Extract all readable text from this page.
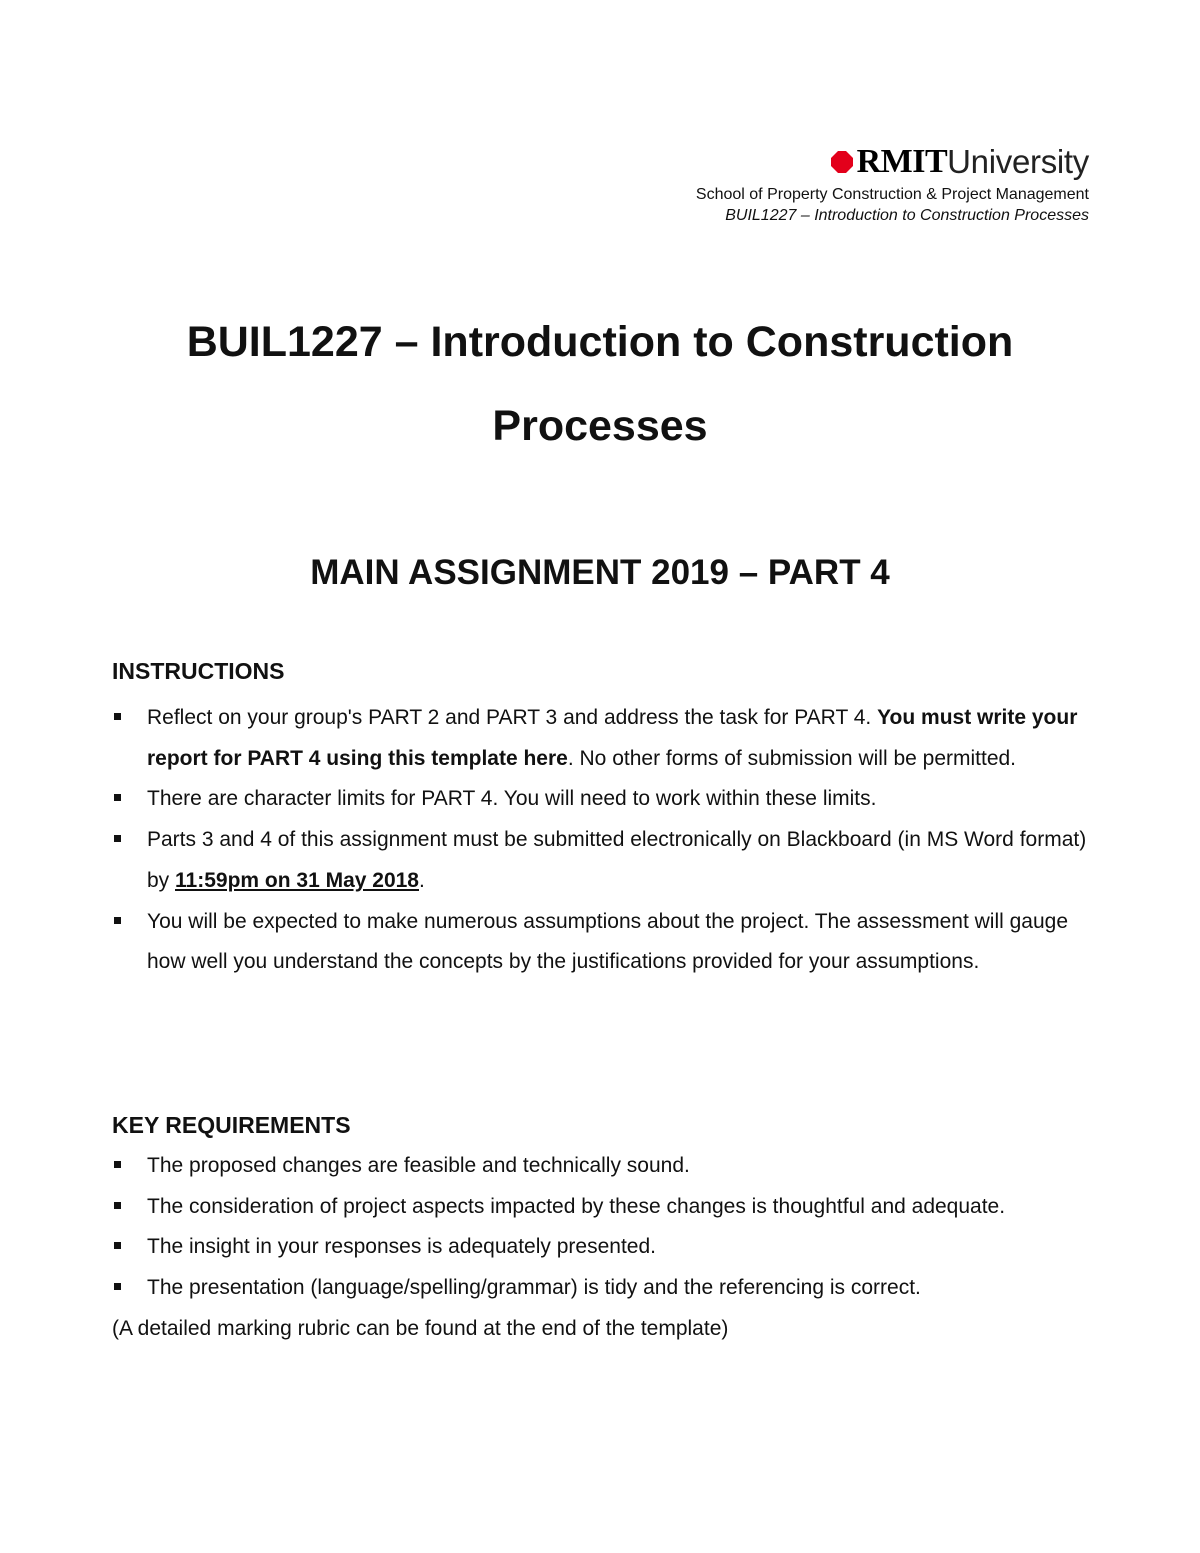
RMIT University
School of Property Construction & Project Management
BUIL1227 – Introduction to Construction Processes
BUIL1227 – Introduction to Construction Processes
MAIN ASSIGNMENT 2019 – PART 4

INSTRUCTIONS

Reflect on your group's PART 2 and PART 3 and address the task for PART 4. You must write your report for PART 4 using this template here. No other forms of submission will be permitted.
There are character limits for PART 4. You will need to work within these limits.
Parts 3 and 4 of this assignment must be submitted electronically on Blackboard (in MS Word format) by 11:59pm on 31 May 2018.
You will be expected to make numerous assumptions about the project. The assessment will gauge how well you understand the concepts by the justifications provided for your assumptions.

KEY REQUIREMENTS

The proposed changes are feasible and technically sound.
The consideration of project aspects impacted by these changes is thoughtful and adequate.
The insight in your responses is adequately presented.
The presentation (language/spelling/grammar) is tidy and the referencing is correct.

(A detailed marking rubric can be found at the end of the template)
